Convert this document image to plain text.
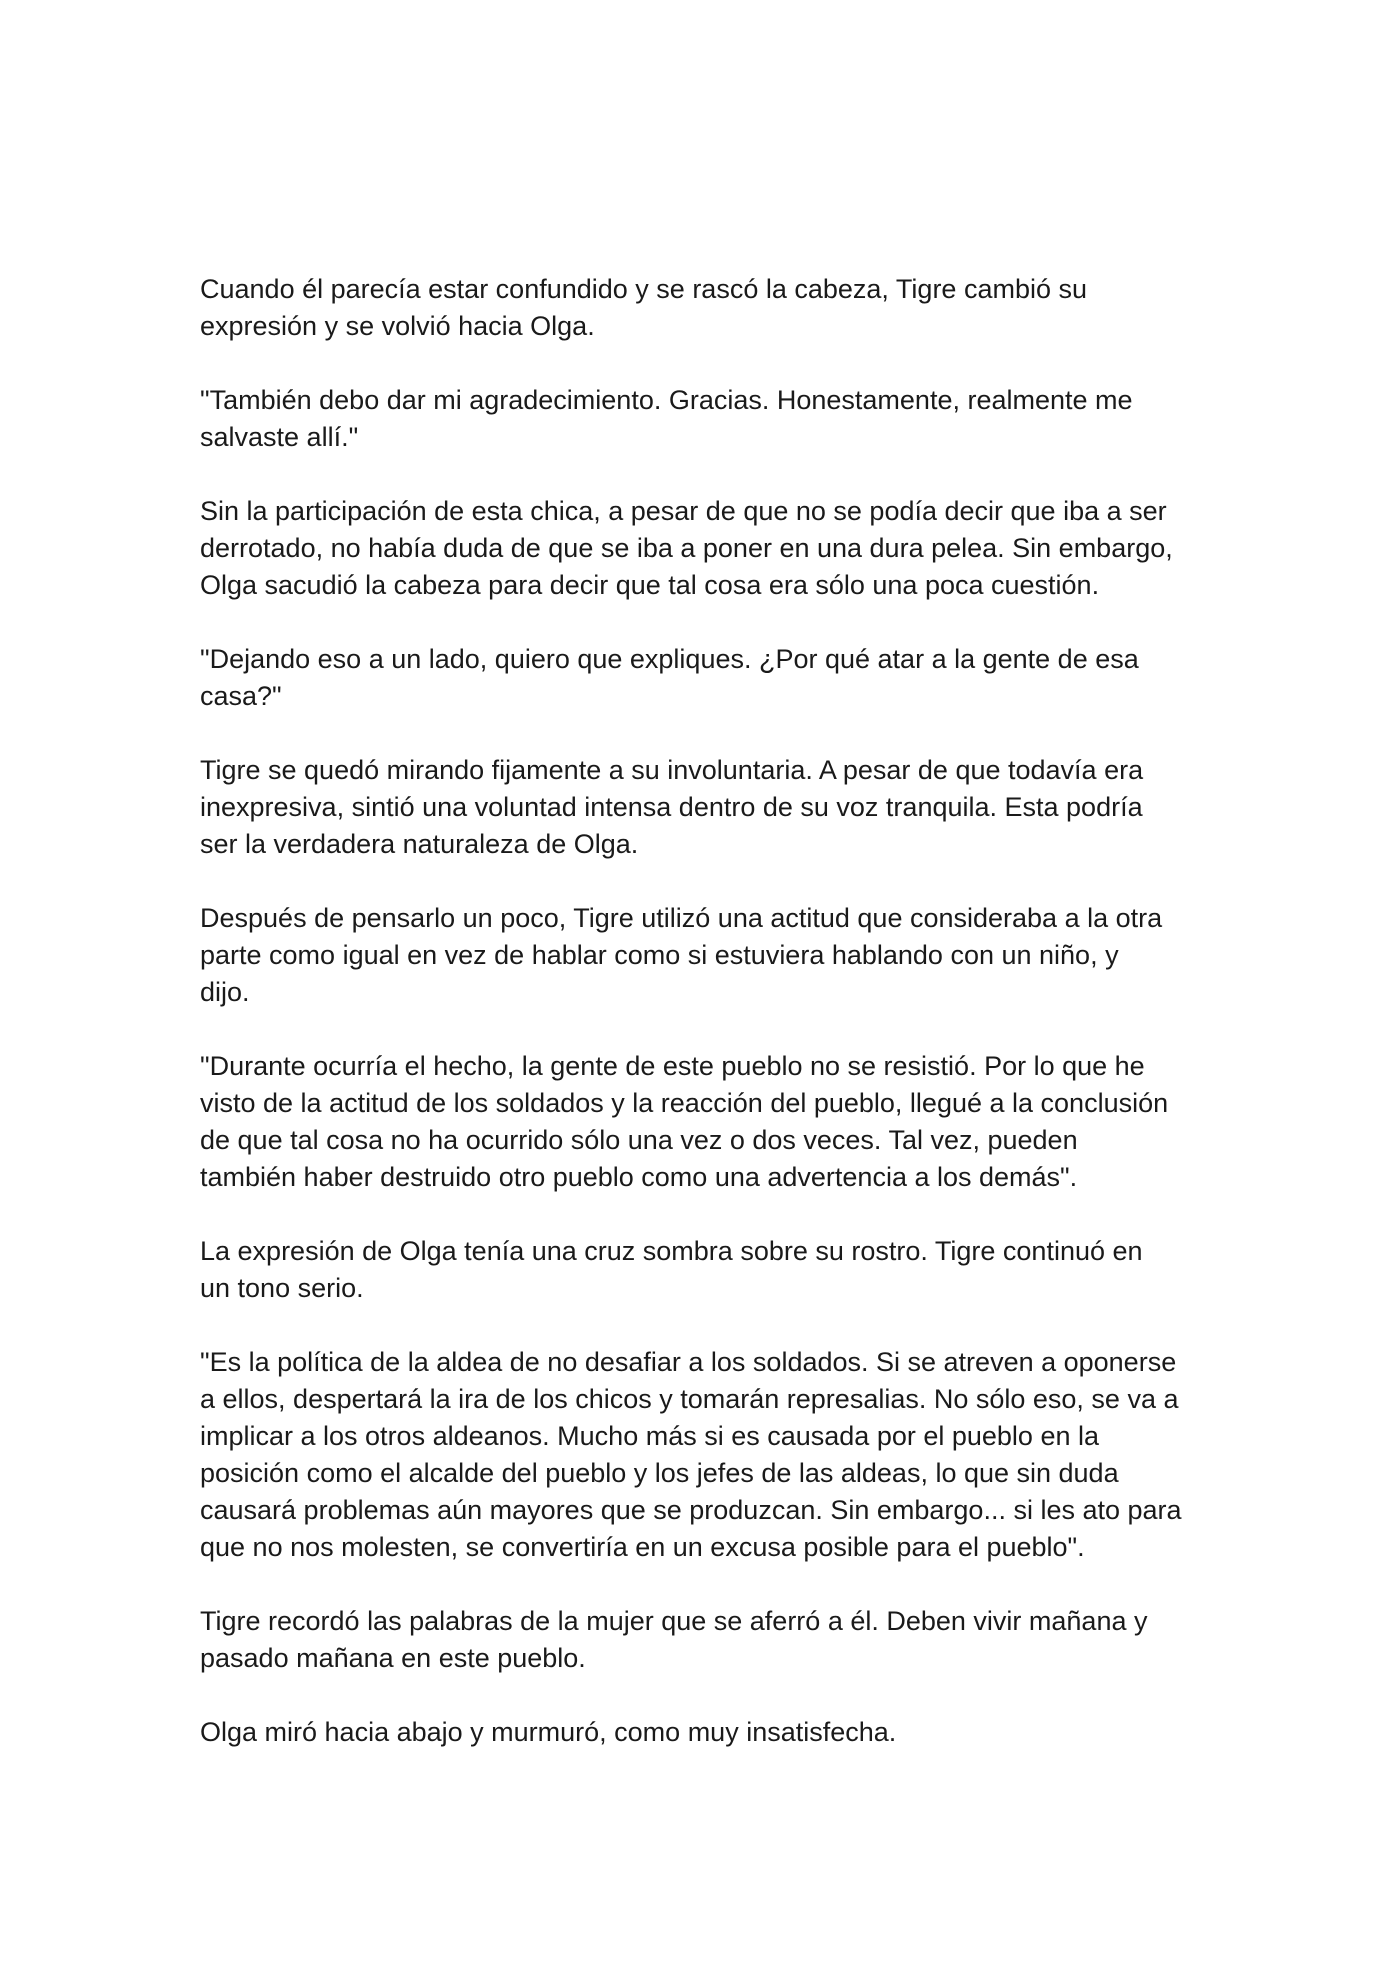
Cuando él parecía estar confundido y se rascó la cabeza, Tigre cambió su
expresión y se volvió hacia Olga.

"También debo dar mi agradecimiento. Gracias. Honestamente, realmente me
salvaste allí."

Sin la participación de esta chica, a pesar de que no se podía decir que iba a ser
derrotado, no había duda de que se iba a poner en una dura pelea. Sin embargo,
Olga sacudió la cabeza para decir que tal cosa era sólo una poca cuestión.

"Dejando eso a un lado, quiero que expliques. ¿Por qué atar a la gente de esa
casa?"

Tigre se quedó mirando fijamente a su involuntaria. A pesar de que todavía era
inexpresiva, sintió una voluntad intensa dentro de su voz tranquila. Esta podría
ser la verdadera naturaleza de Olga.

Después de pensarlo un poco, Tigre utilizó una actitud que consideraba a la otra
parte como igual en vez de hablar como si estuviera hablando con un niño, y
dijo.

"Durante ocurría el hecho, la gente de este pueblo no se resistió. Por lo que he
visto de la actitud de los soldados y la reacción del pueblo, llegué a la conclusión
de que tal cosa no ha ocurrido sólo una vez o dos veces. Tal vez, pueden
también haber destruido otro pueblo como una advertencia a los demás".

La expresión de Olga tenía una cruz sombra sobre su rostro. Tigre continuó en
un tono serio.

"Es la política de la aldea de no desafiar a los soldados. Si se atreven a oponerse
a ellos, despertará la ira de los chicos y tomarán represalias. No sólo eso, se va a
implicar a los otros aldeanos. Mucho más si es causada por el pueblo en la
posición como el alcalde del pueblo y los jefes de las aldeas, lo que sin duda
causará problemas aún mayores que se produzcan. Sin embargo... si les ato para
que no nos molesten, se convertiría en un excusa posible para el pueblo".

Tigre recordó las palabras de la mujer que se aferró a él. Deben vivir mañana y
pasado mañana en este pueblo.

Olga miró hacia abajo y murmuró, como muy insatisfecha.
